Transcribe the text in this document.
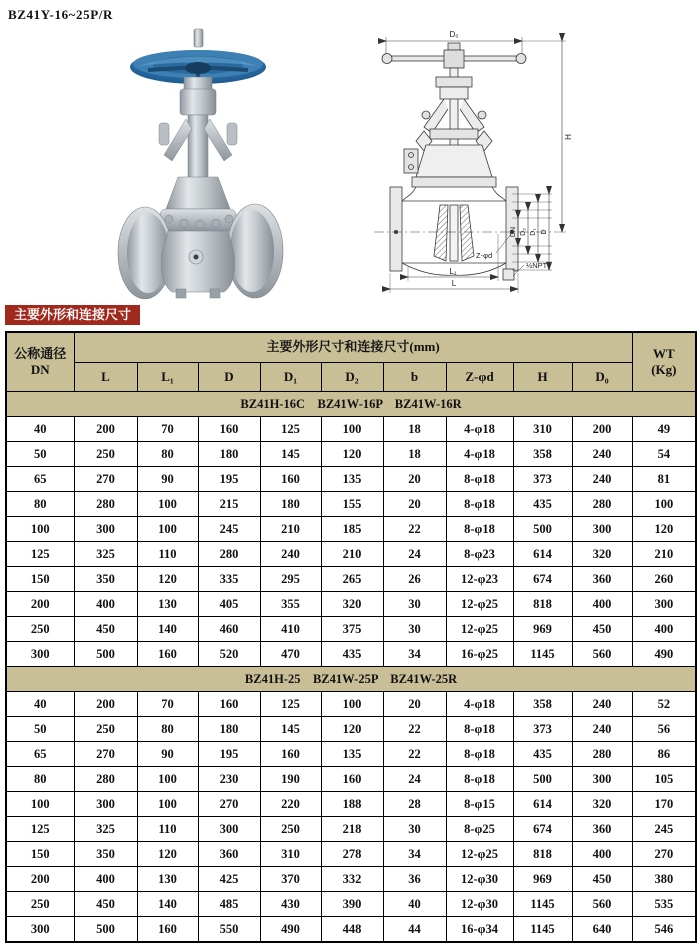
BZ41Y-16~25P/R
D₀
H
DN D₂ D₁ D
L₁
L
Z-φd
½NPT
主要外形和连接尺寸
公称通径
DN	主要外形尺寸和连接尺寸(mm)									WT
(Kg)

	L	L₁	D	D₁	D₂	b	Z-φd	H	D₀	
BZ41H-16C    BZ41W-16P    BZ41W-16R										
40	200	70	160	125	100	18	4-φ18	310	200	49
50	250	80	180	145	120	18	4-φ18	358	240	54
65	270	90	195	160	135	20	8-φ18	373	240	81
80	280	100	215	180	155	20	8-φ18	435	280	100
100	300	100	245	210	185	22	8-φ18	500	300	120
125	325	110	280	240	210	24	8-φ23	614	320	210
150	350	120	335	295	265	26	12-φ23	674	360	260
200	400	130	405	355	320	30	12-φ25	818	400	300
250	450	140	460	410	375	30	12-φ25	969	450	400
300	500	160	520	470	435	34	16-φ25	1145	560	490
BZ41H-25    BZ41W-25P    BZ41W-25R										
40	200	70	160	125	100	20	4-φ18	358	240	52
50	250	80	180	145	120	22	8-φ18	373	240	56
65	270	90	195	160	135	22	8-φ18	435	280	86
80	280	100	230	190	160	24	8-φ18	500	300	105
100	300	100	270	220	188	28	8-φ15	614	320	170
125	325	110	300	250	218	30	8-φ25	674	360	245
150	350	120	360	310	278	34	12-φ25	818	400	270
200	400	130	425	370	332	36	12-φ30	969	450	380
250	450	140	485	430	390	40	12-φ30	1145	560	535
300	500	160	550	490	448	44	16-φ34	1145	640	546
